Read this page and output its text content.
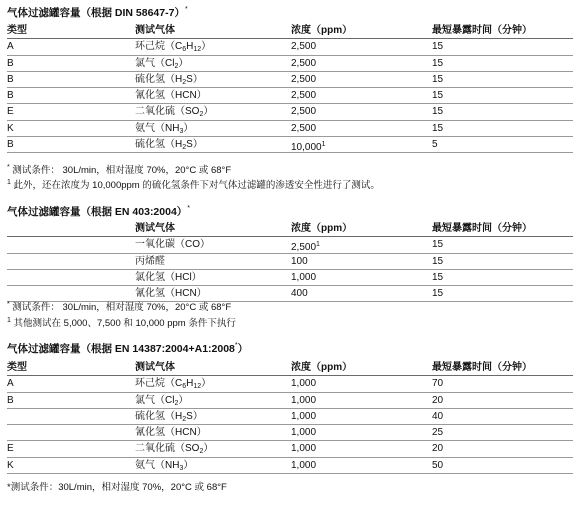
气体过滤罐容量（根据 DIN 58647-7）*
类型	测试气体	浓度（ppm）	最短暴露时间（分钟）
A	环己烷$(C_6H_{12})$	2,500	15
B	氯气$(Cl_2)$	2,500	15
B	硫化氢$(H_2S)$	2,500	15
B	氰化氢（HCN）	2,500	15
E	二氧化硫$(SO_2)$	2,500	15
K	氨气$(NH_3)$	2,500	15
B	硫化氢$(H_2S)$	10,000$^1$	5
* 测试条件： 30L/min，相对湿度 70%，20°C 或 68°F
$^1$ 此外，还在浓度为 10,000ppm 的硫化氢条件下对气体过滤罐的渗透安全性进行了测试。
气体过滤罐容量（根据 EN 403:2004）*
测试气体	浓度（ppm）	最短暴露时间（分钟）
一氧化碳（CO）	2,500$^1$	15
丙烯醛	100	15
氯化氢（HCl）	1,000	15
氰化氢（HCN）	400	15
* 测试条件： 30L/min，相对湿度 70%，20°C 或 68°F
$^1$ 其他测试在 5,000、7,500 和 10,000 ppm 条件下执行
气体过滤罐容量（根据 EN 14387:2004+A1:2008*）
类型	测试气体	浓度（ppm）	最短暴露时间（分钟）
A	环己烷$(C_6H_{12})$	1,000	70
B	氯气$(Cl_2)$	1,000	20
硫化氢$(H_2S)$	1,000	40
氰化氢（HCN）	1,000	25
E	二氧化硫$(SO_2)$	1,000	20
K	氨气$(NH_3)$	1,000	50
*测试条件：30L/min，相对湿度 70%，20°C 或 68°F
